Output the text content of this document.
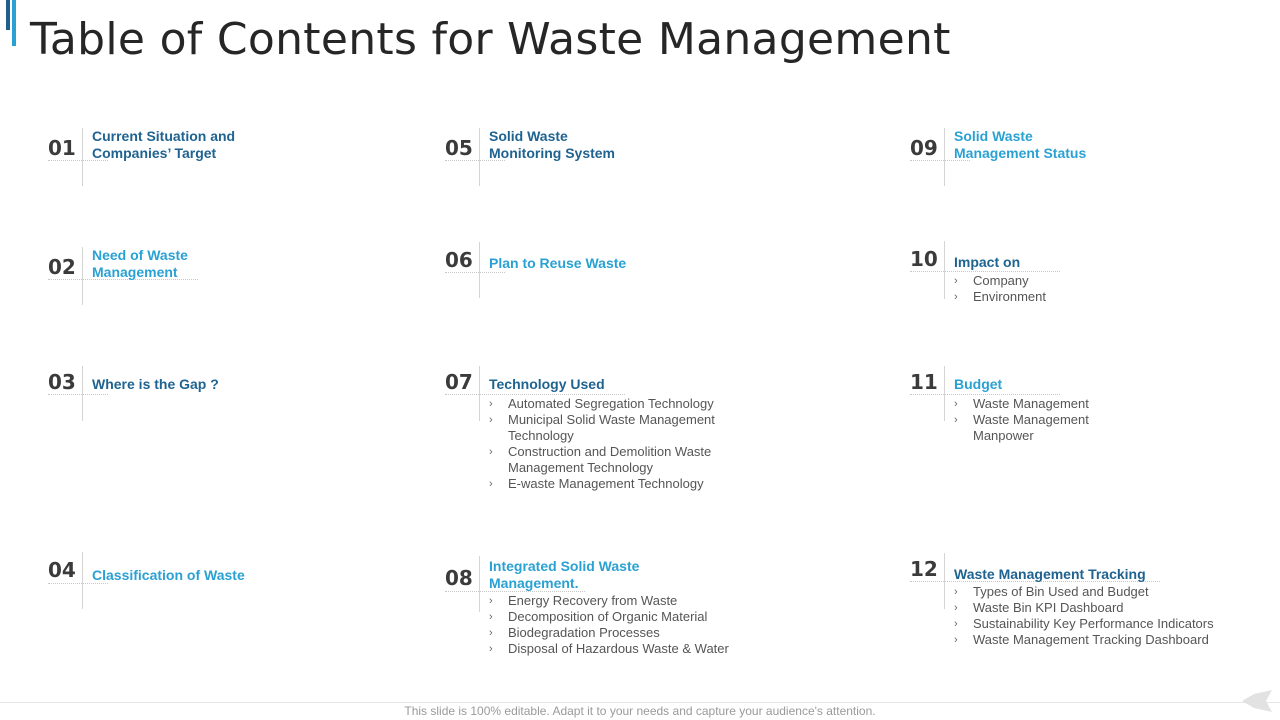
Table of Contents for Waste Management
01 Current Situation and
Companies’ Target
02 Need of Waste
Management
03 Where is the Gap ?
04 Classification of Waste
05 Solid Waste
Monitoring System
06 Plan to Reuse Waste
07 Technology Used
› Automated Segregation Technology
› Municipal Solid Waste Management
Technology
› Construction and Demolition Waste
Management Technology
› E-waste Management Technology
08 Integrated Solid Waste
Management.
› Energy Recovery from Waste
› Decomposition of Organic Material
› Biodegradation Processes
› Disposal of Hazardous Waste & Water
09 Solid Waste
Management Status
10 Impact on
› Company
› Environment
11 Budget
› Waste Management
› Waste Management
Manpower
12 Waste Management Tracking
› Types of Bin Used and Budget
› Waste Bin KPI Dashboard
› Sustainability Key Performance Indicators
› Waste Management Tracking Dashboard
This slide is 100% editable. Adapt it to your needs and capture your audience's attention.
